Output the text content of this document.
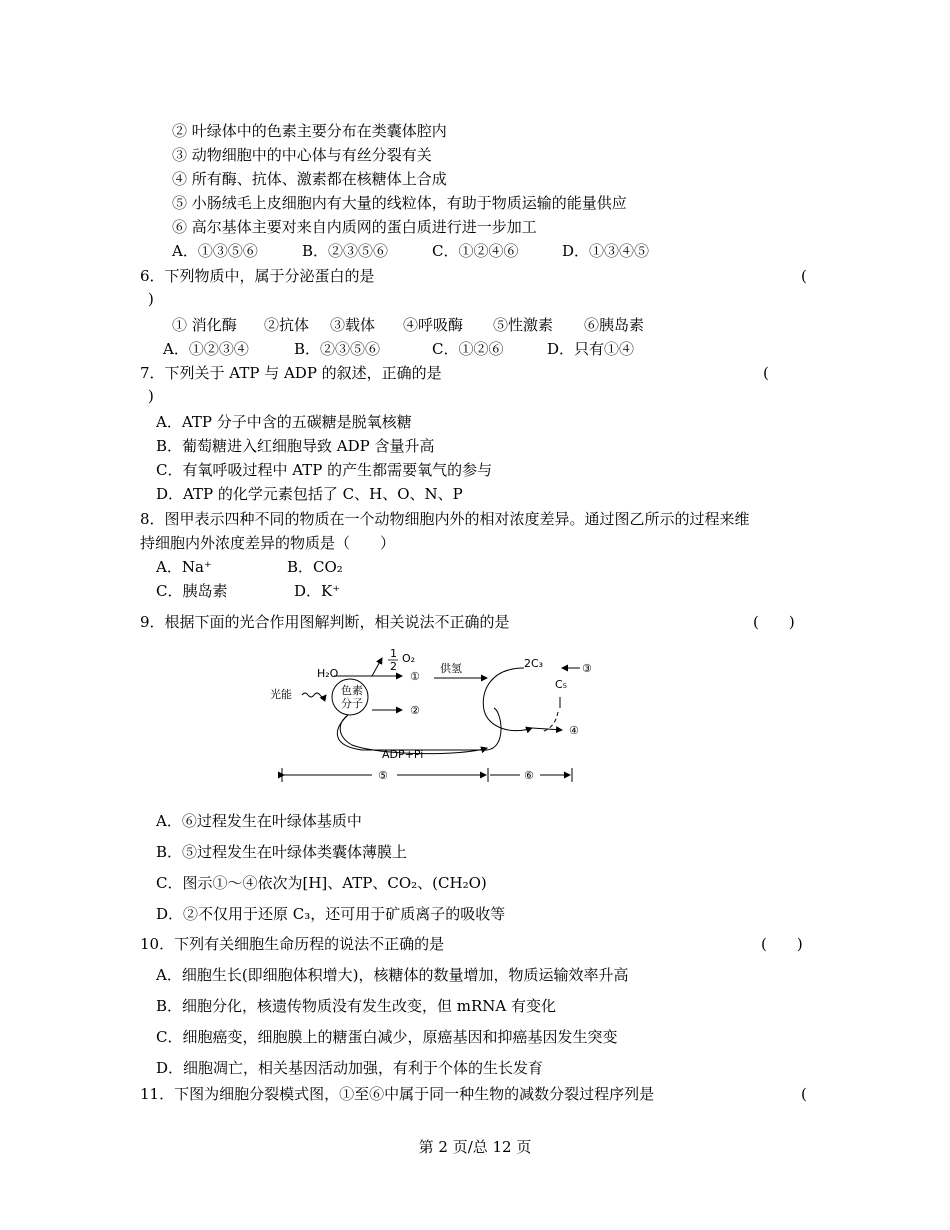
② 叶绿体中的色素主要分布在类囊体腔内
③ 动物细胞中的中心体与有丝分裂有关
④ 所有酶、抗体、激素都在核糖体上合成
⑤ 小肠绒毛上皮细胞内有大量的线粒体，有助于物质运输的能量供应
⑥ 高尔基体主要对来自内质网的蛋白质进行进一步加工
A．①③⑤⑥	B．②③⑤⑥	C．①②④⑥	D．①③④⑤
6．下列物质中，属于分泌蛋白的是	(
)
① 消化酶 ②抗体 ③载体 ④呼吸酶 ⑤性激素 ⑥胰岛素
A．①②③④	B．②③⑤⑥	C．①②⑥	D．只有①④
7．下列关于 ATP 与 ADP 的叙述，正确的是	(
)
A．ATP 分子中含的五碳糖是脱氧核糖
B．葡萄糖进入红细胞导致 ADP 含量升高
C．有氧呼吸过程中 ATP 的产生都需要氧气的参与
D．ATP 的化学元素包括了 C、H、O、N、P
8．图甲表示四种不同的物质在一个动物细胞内外的相对浓度差异。通过图乙所示的过程来维
持细胞内外浓度差异的物质是（　　）
A．Na⁺	B．CO₂
C．胰岛素	D．K⁺
9．根据下面的光合作用图解判断，相关说法不正确的是	(　　)
H₂O
1
2
O₂
①
光能	色素
分子
②
ADP+Pi
供氢	2C₃	③
C₅
④
⑤	⑥
A．⑥过程发生在叶绿体基质中
B．⑤过程发生在叶绿体类囊体薄膜上
C．图示①～④依次为[H]、ATP、CO₂、(CH₂O)
D．②不仅用于还原 C₃，还可用于矿质离子的吸收等
10．下列有关细胞生命历程的说法不正确的是	(　　)
A．细胞生长(即细胞体积增大)，核糖体的数量增加，物质运输效率升高
B．细胞分化，核遗传物质没有发生改变，但 mRNA 有变化
C．细胞癌变，细胞膜上的糖蛋白减少，原癌基因和抑癌基因发生突变
D．细胞凋亡，相关基因活动加强，有利于个体的生长发育
11．下图为细胞分裂模式图，①至⑥中属于同一种生物的减数分裂过程序列是	(
第 2 页/总 12 页
